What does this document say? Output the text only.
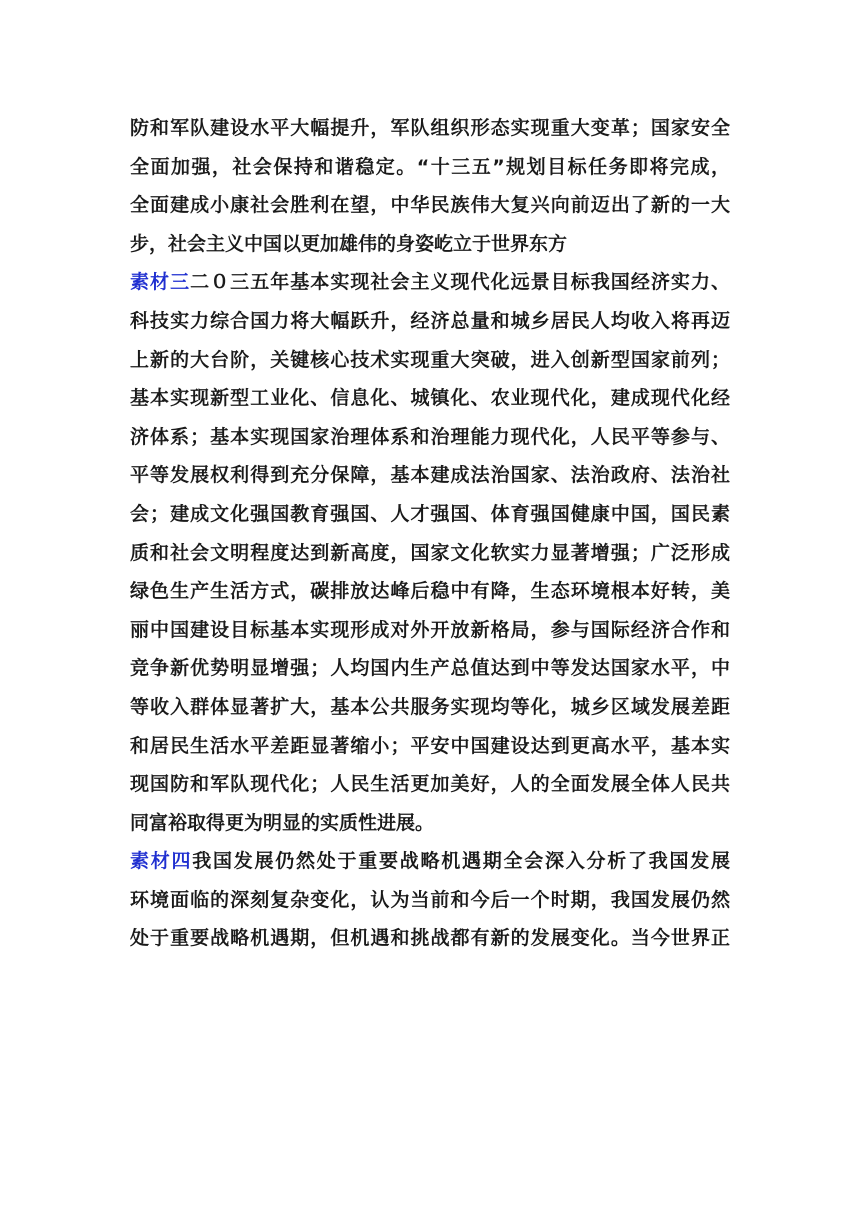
防和军队建设水平大幅提升，军队组织形态实现重大变革；国家安全
全面加强，社会保持和谐稳定。“十三五”规划目标任务即将完成，
全面建成小康社会胜利在望，中华民族伟大复兴向前迈出了新的一大
步，社会主义中国以更加雄伟的身姿屹立于世界东方
素材三二０三五年基本实现社会主义现代化远景目标我国经济实力、
科技实力综合国力将大幅跃升，经济总量和城乡居民人均收入将再迈
上新的大台阶，关键核心技术实现重大突破，进入创新型国家前列；
基本实现新型工业化、信息化、城镇化、农业现代化，建成现代化经
济体系；基本实现国家治理体系和治理能力现代化，人民平等参与、
平等发展权利得到充分保障，基本建成法治国家、法治政府、法治社
会；建成文化强国教育强国、人才强国、体育强国健康中国，国民素
质和社会文明程度达到新高度，国家文化软实力显著增强；广泛形成
绿色生产生活方式，碳排放达峰后稳中有降，生态环境根本好转，美
丽中国建设目标基本实现形成对外开放新格局，参与国际经济合作和
竞争新优势明显增强；人均国内生产总值达到中等发达国家水平，中
等收入群体显著扩大，基本公共服务实现均等化，城乡区域发展差距
和居民生活水平差距显著缩小；平安中国建设达到更高水平，基本实
现国防和军队现代化；人民生活更加美好，人的全面发展全体人民共
同富裕取得更为明显的实质性进展。
素材四我国发展仍然处于重要战略机遇期全会深入分析了我国发展
环境面临的深刻复杂变化，认为当前和今后一个时期，我国发展仍然
处于重要战略机遇期，但机遇和挑战都有新的发展变化。当今世界正
